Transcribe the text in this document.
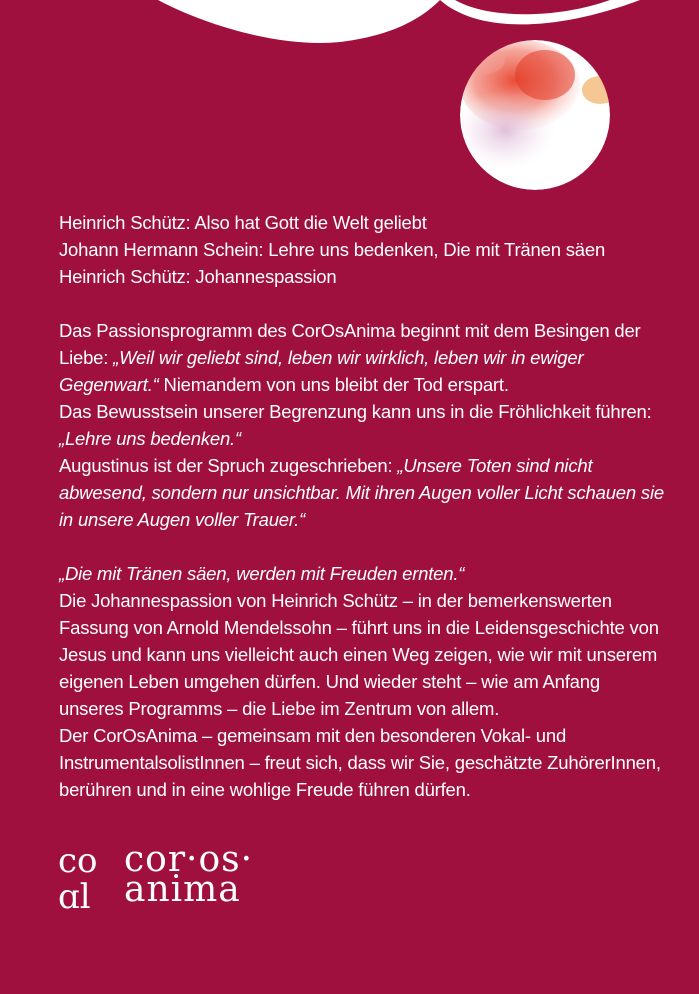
Heinrich Schütz: Also hat Gott die Welt geliebt

Johann Hermann Schein: Lehre uns bedenken, Die mit Tränen säen

Heinrich Schütz: Johannespassion

Das Passionsprogramm des CorOsAnima beginnt mit dem Besingen der Liebe: „Weil wir geliebt sind, leben wir wirklich, leben wir in ewiger Gegenwart.“ Niemandem von uns bleibt der Tod erspart.

Das Bewusstsein unserer Begrenzung kann uns in die Fröhlichkeit führen: „Lehre uns bedenken.“

Augustinus ist der Spruch zugeschrieben: „Unsere Toten sind nicht abwesend, sondern nur unsichtbar. Mit ihren Augen voller Licht schauen sie in unsere Augen voller Trauer.“

„Die mit Tränen säen, werden mit Freuden ernten.“

Die Johannespassion von Heinrich Schütz – in der bemerkenswerten Fassung von Arnold Mendelssohn – führt uns in die Leidensgeschichte von Jesus und kann uns vielleicht auch einen Weg zeigen, wie wir mit unserem eigenen Leben umgehen dürfen. Und wieder steht – wie am Anfang unseres Programms – die Liebe im Zentrum von allem.

Der CorOsAnima – gemeinsam mit den besonderen Vokal- und InstrumentalsolistInnen – freut sich, dass wir Sie, geschätzte ZuhörerInnen, berühren und in eine wohlige Freude führen dürfen.

co
ɑl
cor·os·
anima
